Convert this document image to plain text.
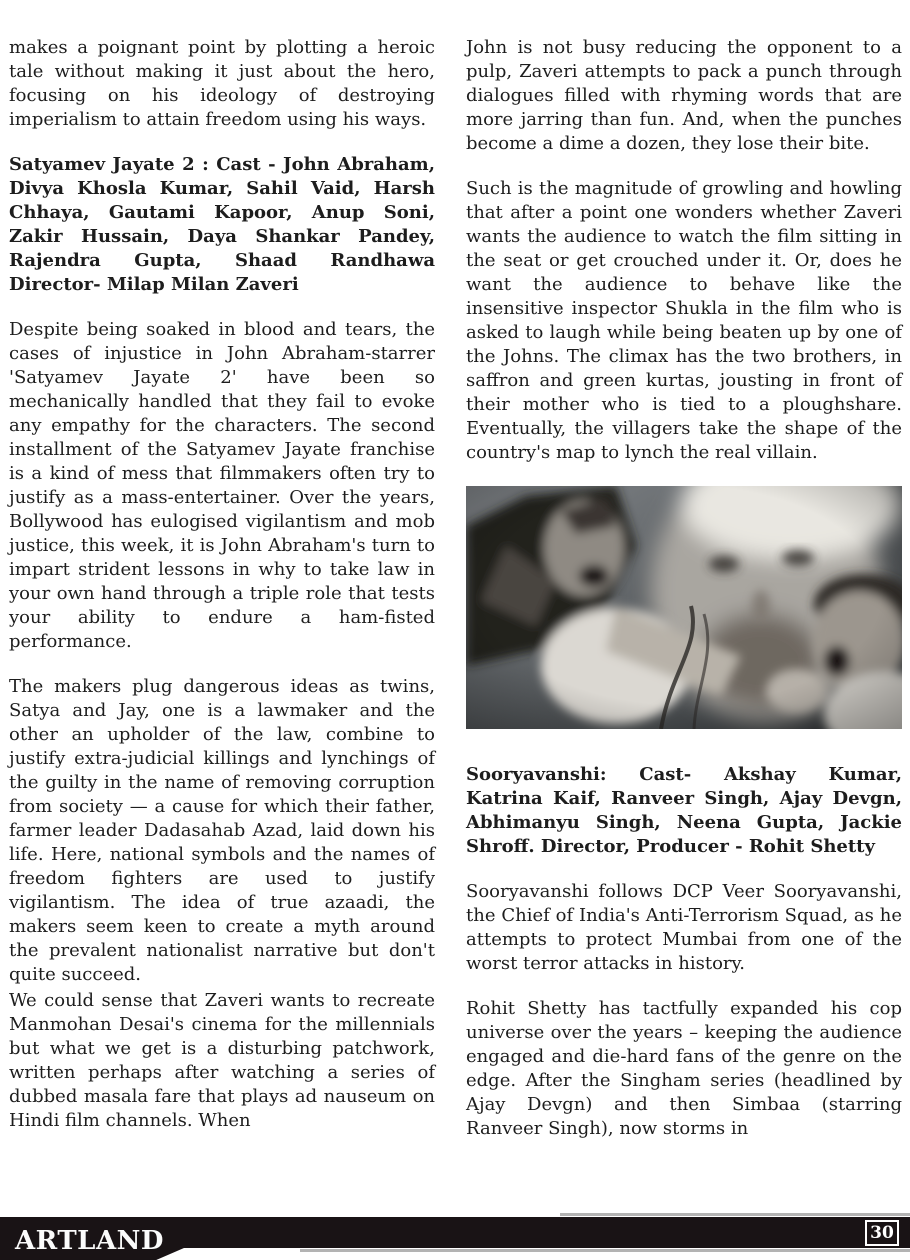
makes a poignant point by plotting a heroic tale without making it just about the hero, focusing on his ideology of destroying imperialism to attain freedom using his ways.

Satyamev Jayate 2 : Cast - John Abraham, Divya Khosla Kumar, Sahil Vaid, Harsh Chhaya, Gautami Kapoor, Anup Soni, Zakir Hussain, Daya Shankar Pandey, Rajendra Gupta, Shaad Randhawa Director- Milap Milan Zaveri

Despite being soaked in blood and tears, the cases of injustice in John Abraham-starrer 'Satyamev Jayate 2' have been so mechanically handled that they fail to evoke any empathy for the characters. The second installment of the Satyamev Jayate franchise is a kind of mess that filmmakers often try to justify as a mass-entertainer. Over the years, Bollywood has eulogised vigilantism and mob justice, this week, it is John Abraham's turn to impart strident lessons in why to take law in your own hand through a triple role that tests your ability to endure a ham-fisted performance.

The makers plug dangerous ideas as twins, Satya and Jay, one is a lawmaker and the other an upholder of the law, combine to justify extra-judicial killings and lynchings of the guilty in the name of removing corruption from society — a cause for which their father, farmer leader Dadasahab Azad, laid down his life. Here, national symbols and the names of freedom fighters are used to justify vigilantism. The idea of true azaadi, the makers seem keen to create a myth around the prevalent nationalist narrative but don't quite succeed.

We could sense that Zaveri wants to recreate Manmohan Desai's cinema for the millennials but what we get is a disturbing patchwork, written perhaps after watching a series of dubbed masala fare that plays ad nauseum on Hindi film channels. When

John is not busy reducing the opponent to a pulp, Zaveri attempts to pack a punch through dialogues filled with rhyming words that are more jarring than fun. And, when the punches become a dime a dozen, they lose their bite.

Such is the magnitude of growling and howling that after a point one wonders whether Zaveri wants the audience to watch the film sitting in the seat or get crouched under it. Or, does he want the audience to behave like the insensitive inspector Shukla in the film who is asked to laugh while being beaten up by one of the Johns. The climax has the two brothers, in saffron and green kurtas, jousting in front of their mother who is tied to a ploughshare. Eventually, the villagers take the shape of the country's map to lynch the real villain.

Sooryavanshi: Cast- Akshay Kumar, Katrina Kaif, Ranveer Singh, Ajay Devgn, Abhimanyu Singh, Neena Gupta, Jackie Shroff. Director, Producer - Rohit Shetty

Sooryavanshi follows DCP Veer Sooryavanshi, the Chief of India's Anti-Terrorism Squad, as he attempts to protect Mumbai from one of the worst terror attacks in history.

Rohit Shetty has tactfully expanded his cop universe over the years – keeping the audience engaged and die-hard fans of the genre on the edge. After the Singham series (headlined by Ajay Devgn) and then Simbaa (starring Ranveer Singh), now storms in

ARTLAND	30
